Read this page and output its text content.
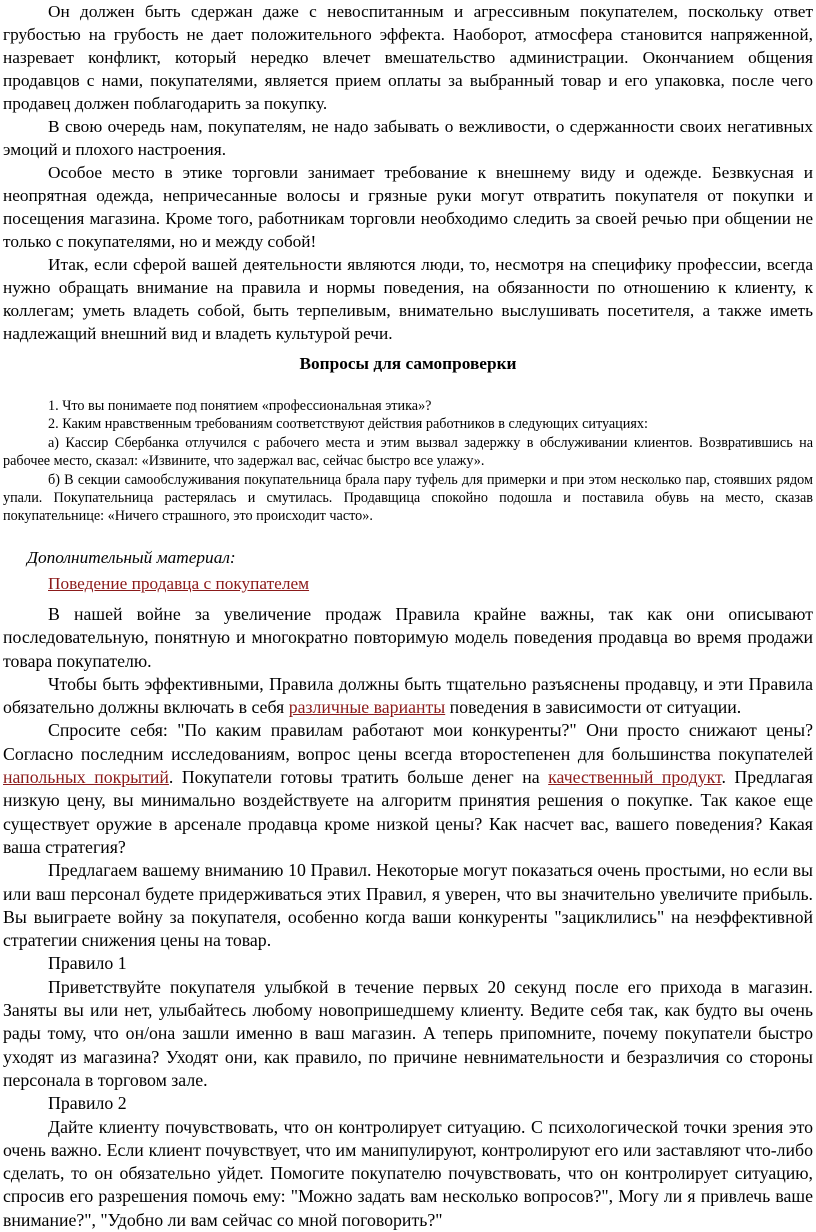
Он должен быть сдержан даже с невоспитанным и агрессивным покупателем, поскольку ответ грубостью на грубость не дает положительного эффекта. Наоборот, атмосфера становится напряженной, назревает конфликт, который нередко влечет вмешательство администрации. Окончанием общения продавцов с нами, покупателями, является прием оплаты за выбранный товар и его упаковка, после чего продавец должен поблагодарить за покупку.

В свою очередь нам, покупателям, не надо забывать о вежливости, о сдержанности своих негативных эмоций и плохого настроения.

Особое место в этике торговли занимает требование к внешнему виду и одежде. Безвкусная и неопрятная одежда, непричесанные волосы и грязные руки могут отвратить покупателя от покупки и посещения магазина. Кроме того, работникам торговли необходимо следить за своей речью при общении не только с покупателями, но и между собой!

Итак, если сферой вашей деятельности являются люди, то, несмотря на специфику профессии, всегда нужно обращать внимание на правила и нормы поведения, на обязанности по отношению к клиенту, к коллегам; уметь владеть собой, быть терпеливым, внимательно выслушивать посетителя, а также иметь надлежащий внешний вид и владеть культурой речи.

Вопросы для самопроверки

1. Что вы понимаете под понятием «профессиональная этика»?

2. Каким нравственным требованиям соответствуют действия работников в следующих ситуациях:

а) Кассир Сбербанка отлучился с рабочего места и этим вызвал задержку в обслуживании клиентов. Возвратившись на рабочее место, сказал: «Извините, что задержал вас, сейчас быстро все улажу».

б) В секции самообслуживания покупательница брала пару туфель для примерки и при этом несколько пар, стоявших рядом упали. Покупательница растерялась и смутилась. Продавщица спокойно подошла и поставила обувь на место, сказав покупательнице: «Ничего страшного, это происходит часто».

Дополнительный материал:

Поведение продавца с покупателем

В нашей войне за увеличение продаж Правила крайне важны, так как они описывают последовательную, понятную и многократно повторимую модель поведения продавца во время продажи товара покупателю.

Чтобы быть эффективными, Правила должны быть тщательно разъяснены продавцу, и эти Правила обязательно должны включать в себя различные варианты поведения в зависимости от ситуации.

Спросите себя: "По каким правилам работают мои конкуренты?" Они просто снижают цены? Согласно последним исследованиям, вопрос цены всегда второстепенен для большинства покупателей напольных покрытий. Покупатели готовы тратить больше денег на качественный продукт. Предлагая низкую цену, вы минимально воздействуете на алгоритм принятия решения о покупке. Так какое еще существует оружие в арсенале продавца кроме низкой цены? Как насчет вас, вашего поведения? Какая ваша стратегия?

Предлагаем вашему вниманию 10 Правил. Некоторые могут показаться очень простыми, но если вы или ваш персонал будете придерживаться этих Правил, я уверен, что вы значительно увеличите прибыль. Вы выиграете войну за покупателя, особенно когда ваши конкуренты "зациклились" на неэффективной стратегии снижения цены на товар.

Правило 1

Приветствуйте покупателя улыбкой в течение первых 20 секунд после его прихода в магазин. Заняты вы или нет, улыбайтесь любому новопришедшему клиенту. Ведите себя так, как будто вы очень рады тому, что он/она зашли именно в ваш магазин. А теперь припомните, почему покупатели быстро уходят из магазина? Уходят они, как правило, по причине невнимательности и безразличия со стороны персонала в торговом зале.

Правило 2

Дайте клиенту почувствовать, что он контролирует ситуацию. С психологической точки зрения это очень важно. Если клиент почувствует, что им манипулируют, контролируют его или заставляют что-либо сделать, то он обязательно уйдет. Помогите покупателю почувствовать, что он контролирует ситуацию, спросив его разрешения помочь ему: "Можно задать вам несколько вопросов?", Могу ли я привлечь ваше внимание?", "Удобно ли вам сейчас со мной поговорить?"
